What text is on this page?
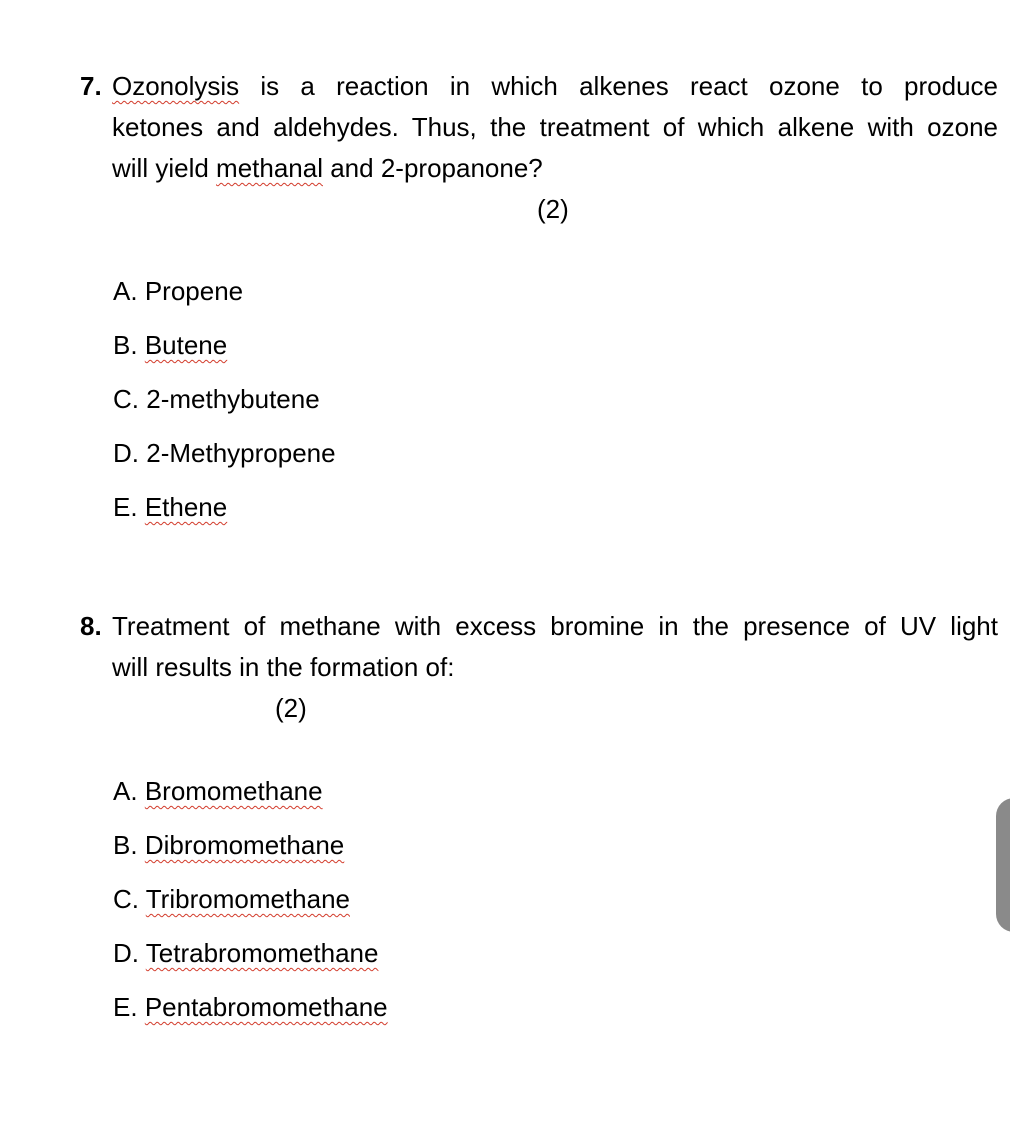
7. Ozonolysis is a reaction in which alkenes react ozone to produce
ketones and aldehydes. Thus, the treatment of which alkene with ozone
will yield methanal and 2-propanone?
(2)
A. Propene
B. Butene
C. 2-methybutene
D. 2-Methypropene
E. Ethene
8. Treatment of methane with excess bromine in the presence of UV light
will results in the formation of:
(2)
A. Bromomethane
B. Dibromomethane
C. Tribromomethane
D. Tetrabromomethane
E. Pentabromomethane
